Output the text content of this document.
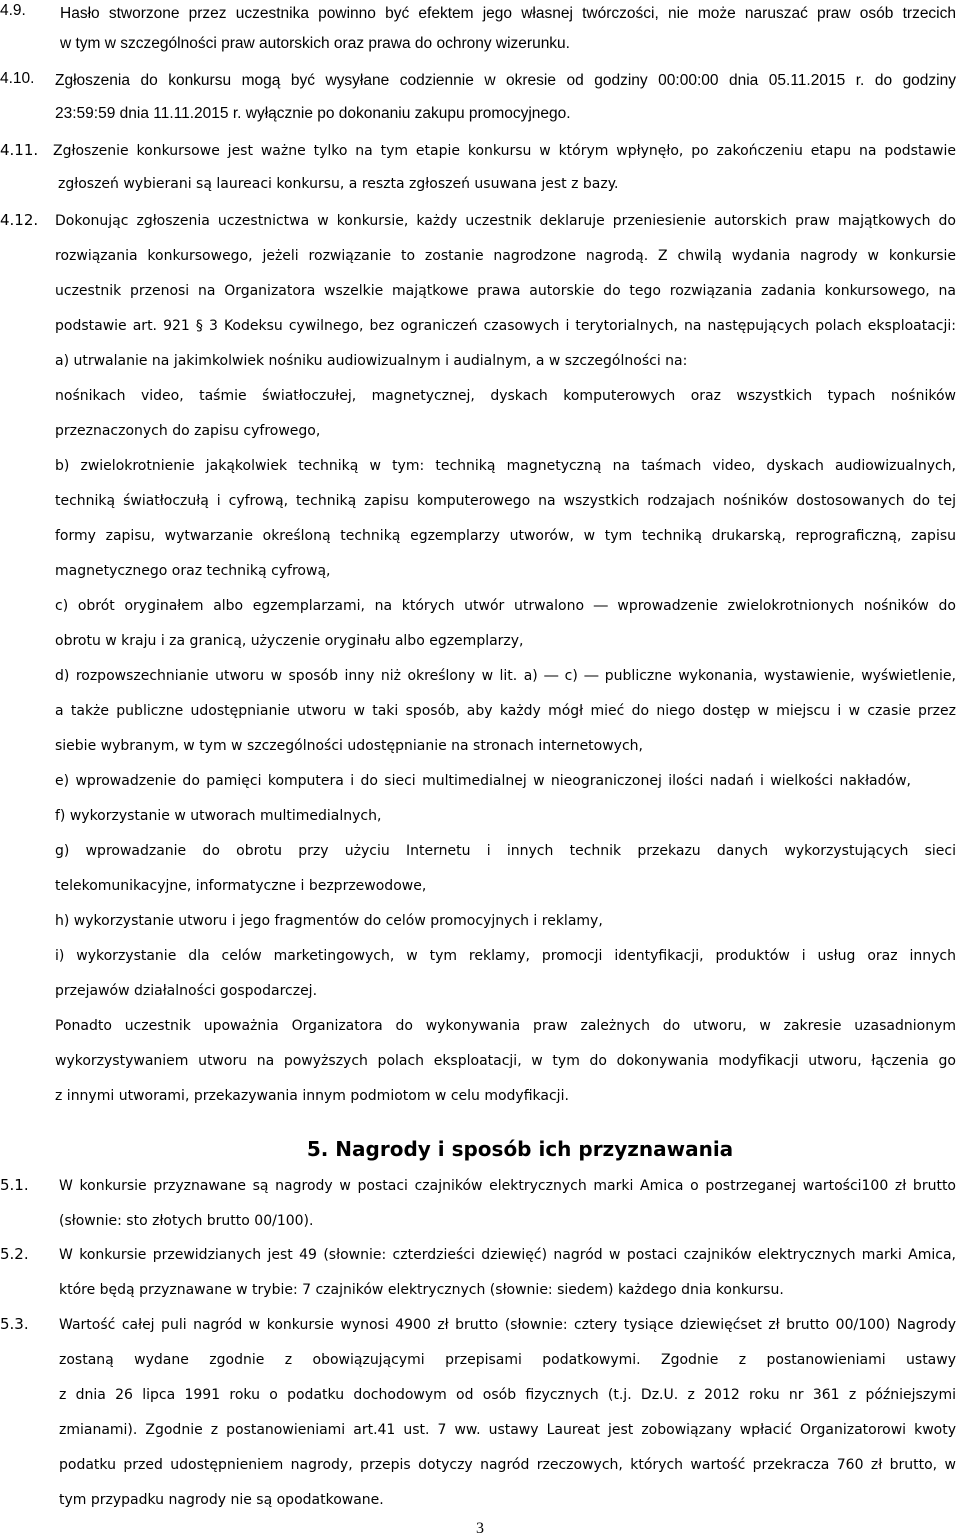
4.9. Hasło stworzone przez uczestnika powinno być efektem jego własnej twórczości, nie może naruszać praw osób trzecich
w tym w szczególności praw autorskich oraz prawa do ochrony wizerunku.
4.10. Zgłoszenia do konkursu mogą być wysyłane codziennie w okresie od godziny 00:00:00 dnia 05.11.2015 r. do godziny
23:59:59 dnia 11.11.2015 r. wyłącznie po dokonaniu zakupu promocyjnego.
4.11. Zgłoszenie konkursowe jest ważne tylko na tym etapie konkursu w którym wpłynęło, po zakończeniu etapu na podstawie
zgłoszeń wybierani są laureaci konkursu, a reszta zgłoszeń usuwana jest z bazy.
4.12. Dokonując zgłoszenia uczestnictwa w konkursie, każdy uczestnik deklaruje przeniesienie autorskich praw majątkowych do
rozwiązania konkursowego, jeżeli rozwiązanie to zostanie nagrodzone nagrodą. Z chwilą wydania nagrody w konkursie
uczestnik przenosi na Organizatora wszelkie majątkowe prawa autorskie do tego rozwiązania zadania konkursowego, na
podstawie art. 921 § 3 Kodeksu cywilnego, bez ograniczeń czasowych i terytorialnych, na następujących polach eksploatacji:
a) utrwalanie na jakimkolwiek nośniku audiowizualnym i audialnym, a w szczególności na:
nośnikach video, taśmie światłoczułej, magnetycznej, dyskach komputerowych oraz wszystkich typach nośników
przeznaczonych do zapisu cyfrowego,
b) zwielokrotnienie jakąkolwiek techniką w tym: techniką magnetyczną na taśmach video, dyskach audiowizualnych,
techniką światłoczułą i cyfrową, techniką zapisu komputerowego na wszystkich rodzajach nośników dostosowanych do tej
formy zapisu, wytwarzanie określoną techniką egzemplarzy utworów, w tym techniką drukarską, reprograficzną, zapisu
magnetycznego oraz techniką cyfrową,
c) obrót oryginałem albo egzemplarzami, na których utwór utrwalono ― wprowadzenie zwielokrotnionych nośników do
obrotu w kraju i za granicą, użyczenie oryginału albo egzemplarzy,
d) rozpowszechnianie utworu w sposób inny niż określony w lit. a) ― c) ― publiczne wykonania, wystawienie, wyświetlenie,
a także publiczne udostępnianie utworu w taki sposób, aby każdy mógł mieć do niego dostęp w miejscu i w czasie przez
siebie wybranym, w tym w szczególności udostępnianie na stronach internetowych,
e) wprowadzenie do pamięci komputera i do sieci multimedialnej w nieograniczonej ilości nadań i wielkości nakładów,
f) wykorzystanie w utworach multimedialnych,
g) wprowadzanie do obrotu przy użyciu Internetu i innych technik przekazu danych wykorzystujących sieci
telekomunikacyjne, informatyczne i bezprzewodowe,
h) wykorzystanie utworu i jego fragmentów do celów promocyjnych i reklamy,
i) wykorzystanie dla celów marketingowych, w tym reklamy, promocji identyfikacji, produktów i usług oraz innych
przejawów działalności gospodarczej.
Ponadto uczestnik upoważnia Organizatora do wykonywania praw zależnych do utworu, w zakresie uzasadnionym
wykorzystywaniem utworu na powyższych polach eksploatacji, w tym do dokonywania modyfikacji utworu, łączenia go
z innymi utworami, przekazywania innym podmiotom w celu modyfikacji.
5. Nagrody i sposób ich przyznawania
5.1. W konkursie przyznawane są nagrody w postaci czajników elektrycznych marki Amica o postrzeganej wartości100 zł brutto
(słownie: sto złotych brutto 00/100).
5.2. W konkursie przewidzianych jest 49 (słownie: czterdzieści dziewięć) nagród w postaci czajników elektrycznych marki Amica,
które będą przyznawane w trybie: 7 czajników elektrycznych (słownie: siedem) każdego dnia konkursu.
5.3. Wartość całej puli nagród w konkursie wynosi 4900 zł brutto (słownie: cztery tysiące dziewięćset zł brutto 00/100) Nagrody
zostaną wydane zgodnie z obowiązującymi przepisami podatkowymi. Zgodnie z postanowieniami ustawy
z dnia 26 lipca 1991 roku o podatku dochodowym od osób fizycznych (t.j. Dz.U. z 2012 roku nr 361 z późniejszymi
zmianami). Zgodnie z postanowieniami art.41 ust. 7 ww. ustawy Laureat jest zobowiązany wpłacić Organizatorowi kwoty
podatku przed udostępnieniem nagrody, przepis dotyczy nagród rzeczowych, których wartość przekracza 760 zł brutto, w
tym przypadku nagrody nie są opodatkowane.
3
